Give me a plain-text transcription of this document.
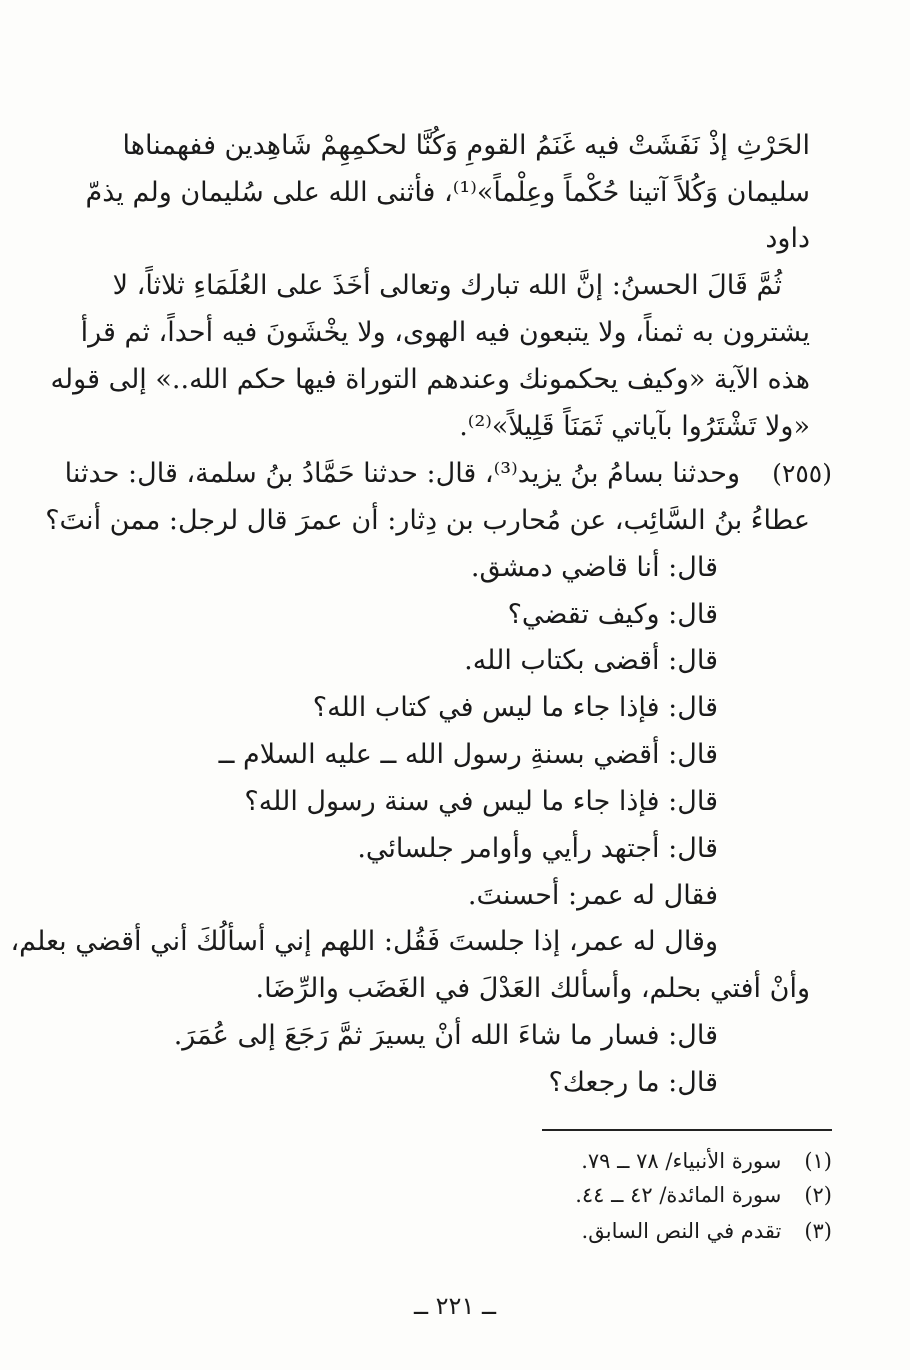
الحَرْثِ إذْ نَفَشَتْ فيه غَنَمُ القومِ وَكُنَّا لحكمِهِمْ شَاهِدين ففهمناها
سليمان وَكُلاً آتينا حُكْماً وعِلْماً»⁽¹⁾، فأثنى الله على سُليمان ولم يذمّ
داود
ثُمَّ قَالَ الحسنُ: إنَّ الله تبارك وتعالى أخَذَ على العُلَمَاءِ ثلاثاً، لا
يشترون به ثمناً، ولا يتبعون فيه الهوى، ولا يخْشَونَ فيه أحداً، ثم قرأ
هذه الآية «وكيف يحكمونك وعندهم التوراة فيها حكم الله..» إلى قوله
«ولا تَشْتَرُوا بآياتي ثَمَنَاً قَلِيلاً»⁽²⁾.
(٢٥٥)
وحدثنا بسامُ بنُ يزيد⁽³⁾، قال: حدثنا حَمَّادُ بنُ سلمة، قال: حدثنا
عطاءُ بنُ السَّائِب، عن مُحارب بن دِثار: أن عمرَ قال لرجل: ممن أنتَ؟
قال: أنا قاضي دمشق.
قال: وكيف تقضي؟
قال: أقضى بكتاب الله.
قال: فإذا جاء ما ليس في كتاب الله؟
قال: أقضي بسنةِ رسول الله ــ عليه السلام ــ
قال: فإذا جاء ما ليس في سنة رسول الله؟
قال: أجتهد رأيي وأوامر جلسائي.
فقال له عمر: أحسنتَ.
وقال له عمر، إذا جلستَ فَقُل: اللهم إني أسألُكَ أني أقضي بعلم،
وأنْ أفتي بحلم، وأسألك العَدْلَ في الغَضَب والرِّضَا.
قال: فسار ما شاءَ الله أنْ يسيرَ ثمَّ رَجَعَ إلى عُمَرَ.
قال: ما رجعك؟
(١) سورة الأنبياء/ ٧٨ ــ ٧٩.
(٢) سورة المائدة/ ٤٢ ــ ٤٤.
(٣) تقدم في النص السابق.
ــ ٢٢١ ــ
